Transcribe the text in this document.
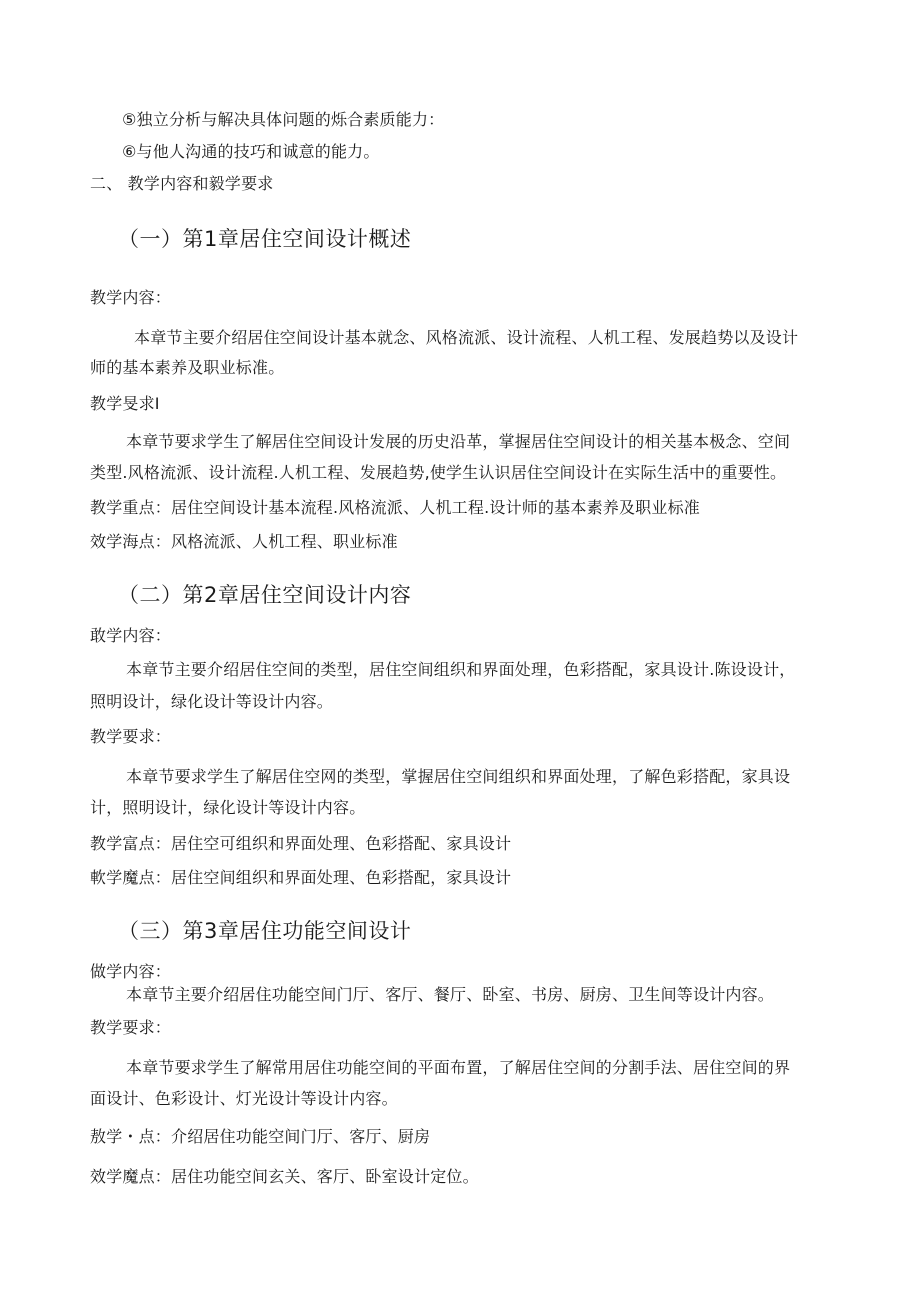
⑤独立分析与解决具体问题的烁合素质能力：
⑥与他人沟通的技巧和诚意的能力。
二、 教学内容和毅学要求
（一）第1章居住空间设计概述
教学内容：
本章节主要介绍居住空间设计基本就念、风格流派、设计流程、人机工程、发展趋势以及设计
师的基本素养及职业标准。
教学旻求I
本章节要求学生了解居住空间设计发展的历史沿革，掌握居住空间设计的相关基本极念、空间
类型.风格流派、设计流程.人机工程、发展趋势,使学生认识居住空间设计在实际生活中的重要性。
教学重点：居住空间设计基本流程.风格流派、人机工程.设计师的基本素养及职业标准
效学海点：风格流派、人机工程、职业标准
（二）第2章居住空间设计内容
敢学内容：
本章节主要介绍居住空间的类型，居住空间组织和界面处理，色彩搭配，家具设计.陈设设计，
照明设计，绿化设计等设计内容。
教学要求：
本章节要求学生了解居住空网的类型，掌握居住空间组织和界面处理，了解色彩搭配，家具设
计，照明设计，绿化设计等设计内容。
教学富点：居住空可组织和界面处理、色彩搭配、家具设计
軟学魔点：居住空间组织和界面处理、色彩搭配，家具设计
（三）第3章居住功能空间设计
做学内容：
本章节主要介绍居住功能空间门厅、客厅、餐厅、卧室、书房、厨房、卫生间等设计内容。
教学要求：
本章节要求学生了解常用居住功能空间的平面布置，了解居住空间的分割手法、居住空间的界
面设计、色彩设计、灯光设计等设计内容。
敖学・点：介绍居住功能空间门厅、客厅、厨房
效学魔点：居住功能空间玄关、客厅、卧室设计定位。
